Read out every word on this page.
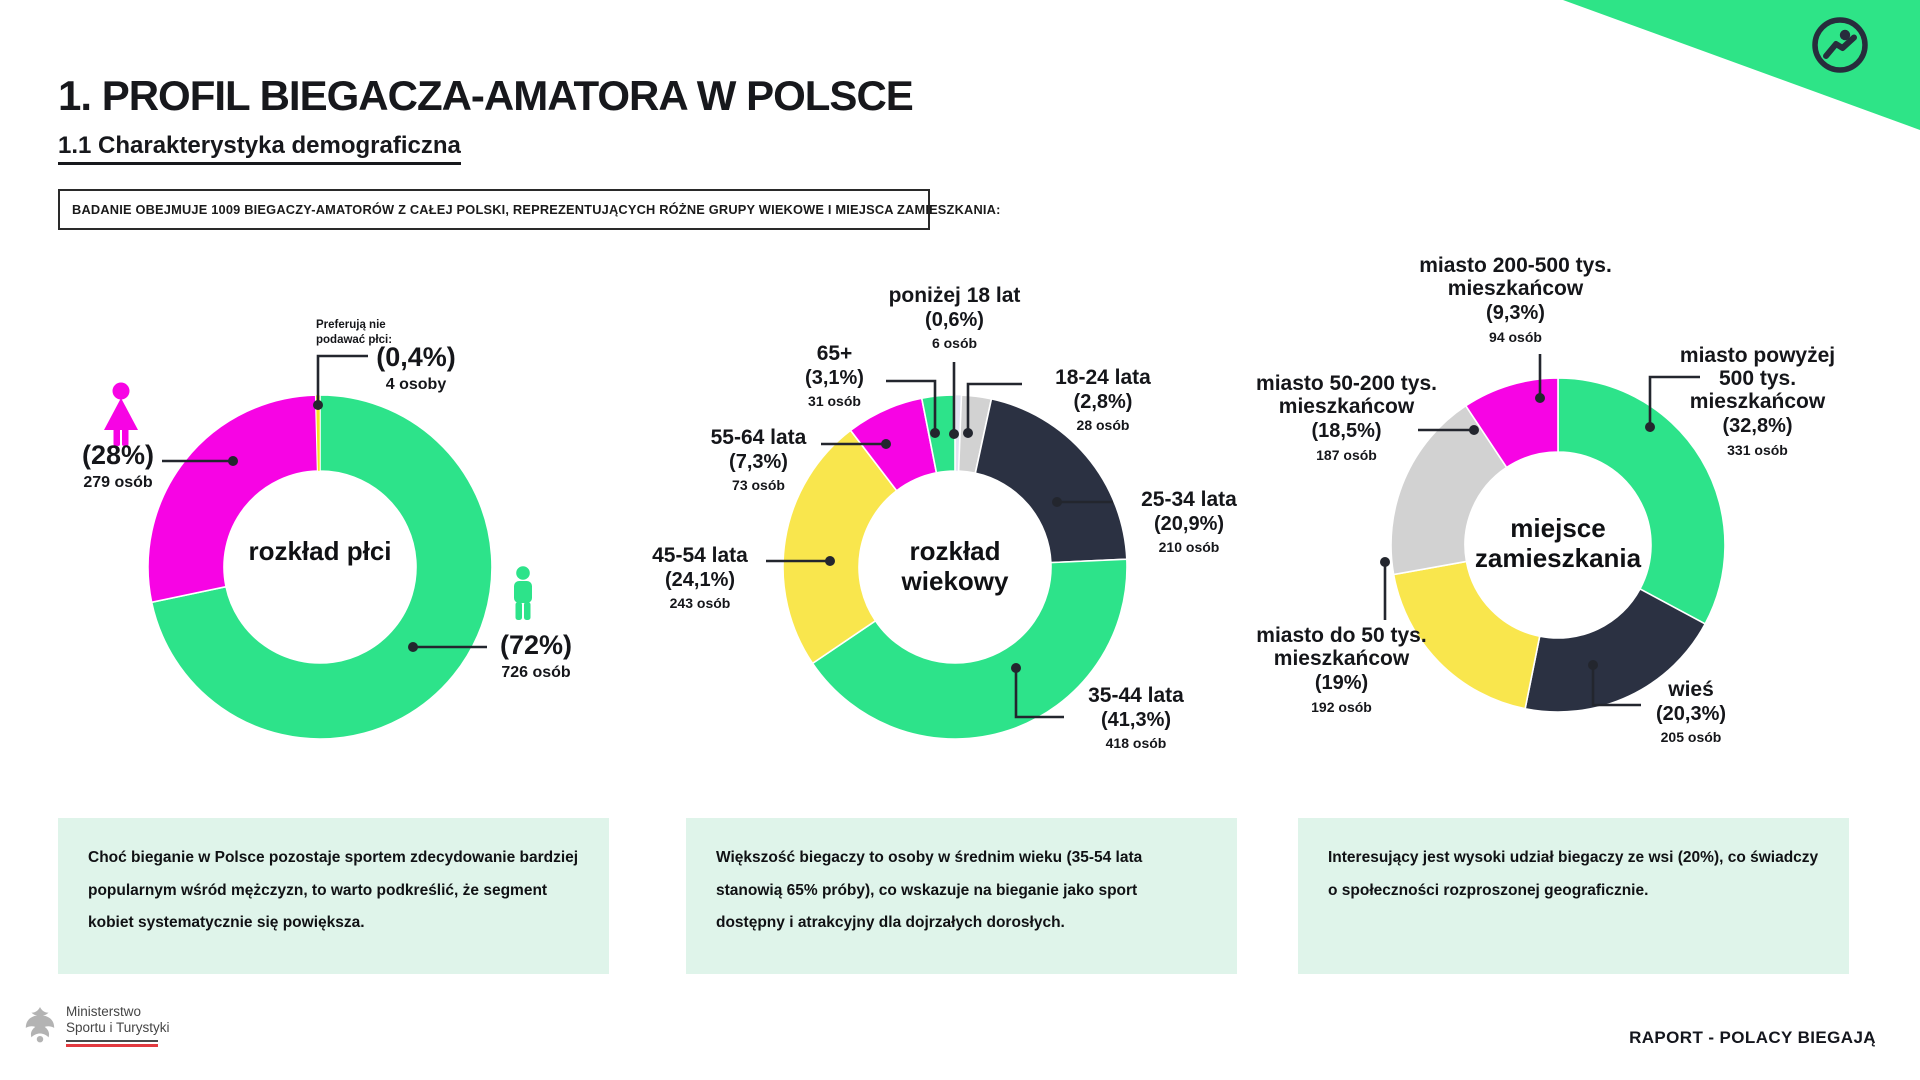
1. PROFIL BIEGACZA-AMATORA W POLSCE
1.1 Charakterystyka demograficzna
BADANIE OBEJMUJE 1009 BIEGACZY-AMATORÓW Z CAŁEJ POLSKI, REPREZENTUJĄCYCH RÓŻNE GRUPY WIEKOWE I MIEJSCA ZAMIESZKANIA:
Preferują nie podawać płci:
(0,4%)
4 osoby
(28%)
279 osób
(72%)
726 osób
rozkład płci
poniżej 18 lat
(0,6%)
6 osób
65+
(3,1%)
31 osób
18-24 lata
(2,8%)
28 osób
25-34 lata
(20,9%)
210 osób
35-44 lata
(41,3%)
418 osób
45-54 lata
(24,1%)
243 osób
55-64 lata
(7,3%)
73 osób
rozkład wiekowy
miasto 200-500 tys. mieszkańcow
(9,3%)
94 osób
miasto 50-200 tys. mieszkańcow
(18,5%)
187 osób
miasto powyżej 500 tys. mieszkańcow
(32,8%)
331 osób
miasto do 50 tys. mieszkańcow
(19%)
192 osób
wieś
(20,3%)
205 osób
miejsce zamieszkania
Choć bieganie w Polsce pozostaje sportem zdecydowanie bardziej popularnym wśród mężczyzn, to warto podkreślić, że segment kobiet systematycznie się powiększa.
Większość biegaczy to osoby w średnim wieku (35-54 lata stanowią 65% próby), co wskazuje na bieganie jako sport dostępny i atrakcyjny dla dojrzałych dorosłych.
Interesujący jest wysoki udział biegaczy ze wsi (20%), co świadczy o społeczności rozproszonej geograficznie.
Ministerstwo
Sportu i Turystyki
RAPORT - POLACY BIEGAJĄ
